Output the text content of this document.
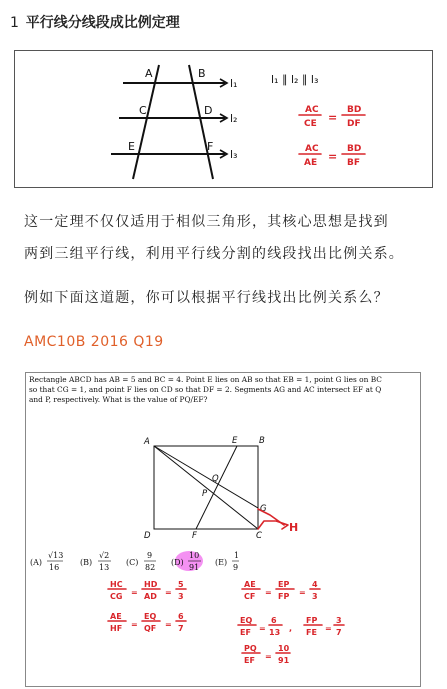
1 平行线分线段成比例定理
A	B
C	D
E	F
l₁
l₂
l₃
l₁ ∥ l₂ ∥ l₃
AC
CE =
BD
DF
AC
AE =
BD
BF
这一定理不仅仅适用于相似三角形，其核心思想是找到
两到三组平行线，利用平行线分割的线段找出比例关系。
例如下面这道题，你可以根据平行线找出比例关系么？
AMC10B 2016 Q19
Rectangle ABCD has AB = 5 and BC = 4. Point E lies on AB so that EB = 1, point G lies on BC
so that CG = 1, and point F lies on CD so that DF = 2. Segments AG and AC intersect EF at Q
and P, respectively. What is the value of PQ/EF?
A	E	B
Q
P
G
D	F	C
H
(A)
√13
16
(B)
√2
13
(C)
9
82
(D)
10
91
(E)
1
9
HC
CG =
HD
AD =
5
3
AE
HF =
EQ
QF =
6
7
AE
CF =
EP
FP =
4
3
EQ
EF =
6
13 ,
FP
FE =
3
7
PQ
EF =
10
91
